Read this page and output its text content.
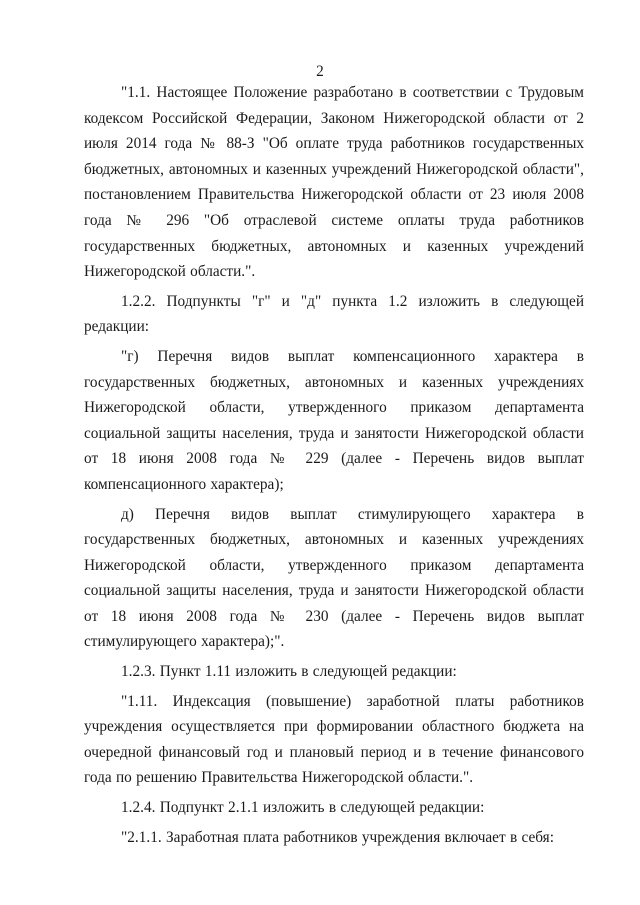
2

"1.1. Настоящее Положение разработано в соответствии с Трудовым кодексом Российской Федерации, Законом Нижегородской области от 2 июля 2014 года № 88-З "Об оплате труда работников государственных бюджетных, автономных и казенных учреждений Нижегородской области", постановлением Правительства Нижегородской области от 23 июля 2008 года № 296 "Об отраслевой системе оплаты труда работников государственных бюджетных, автономных и казенных учреждений Нижегородской области.".

1.2.2. Подпункты "г" и "д" пункта 1.2 изложить в следующей редакции:

"г) Перечня видов выплат компенсационного характера в государственных бюджетных, автономных и казенных учреждениях Нижегородской области, утвержденного приказом департамента социальной защиты населения, труда и занятости Нижегородской области от 18 июня 2008 года № 229 (далее - Перечень видов выплат компенсационного характера);

д) Перечня видов выплат стимулирующего характера в государственных бюджетных, автономных и казенных учреждениях Нижегородской области, утвержденного приказом департамента социальной защиты населения, труда и занятости Нижегородской области от 18 июня 2008 года № 230 (далее - Перечень видов выплат стимулирующего характера);".

1.2.3. Пункт 1.11 изложить в следующей редакции:

"1.11. Индексация (повышение) заработной платы работников учреждения осуществляется при формировании областного бюджета на очередной финансовый год и плановый период и в течение финансового года по решению Правительства Нижегородской области.".

1.2.4. Подпункт 2.1.1 изложить в следующей редакции:

"2.1.1. Заработная плата работников учреждения включает в себя:
